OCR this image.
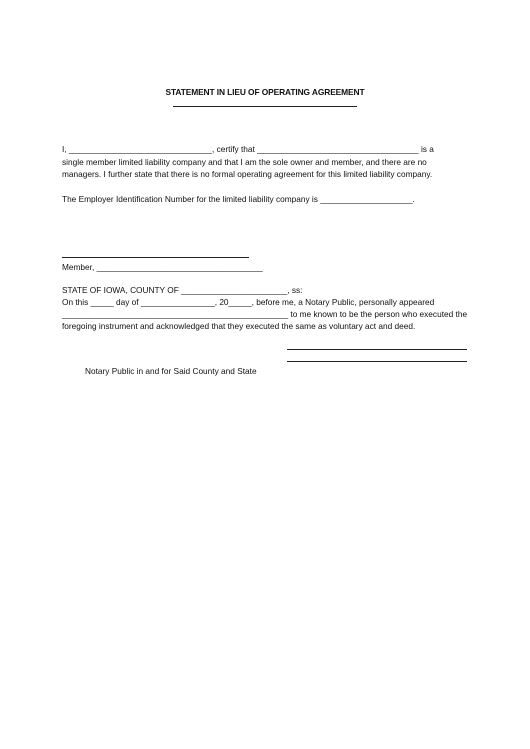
STATEMENT IN LIEU OF OPERATING AGREEMENT
I, _______________________________, certify that ___________________________________ is a
single member limited liability company and that I am the sole owner and member, and there are no
managers. I further state that there is no formal operating agreement for this limited liability company.
The Employer Identification Number for the limited liability company is ____________________.
Member, ____________________________________
STATE OF IOWA, COUNTY OF _______________________, ss:
On this _____ day of ________________, 20_____, before me, a Notary Public, personally appeared
_________________________________________________ to me known to be the person who executed the
foregoing instrument and acknowledged that they executed the same as voluntary act and deed.
Notary Public in and for Said County and State
